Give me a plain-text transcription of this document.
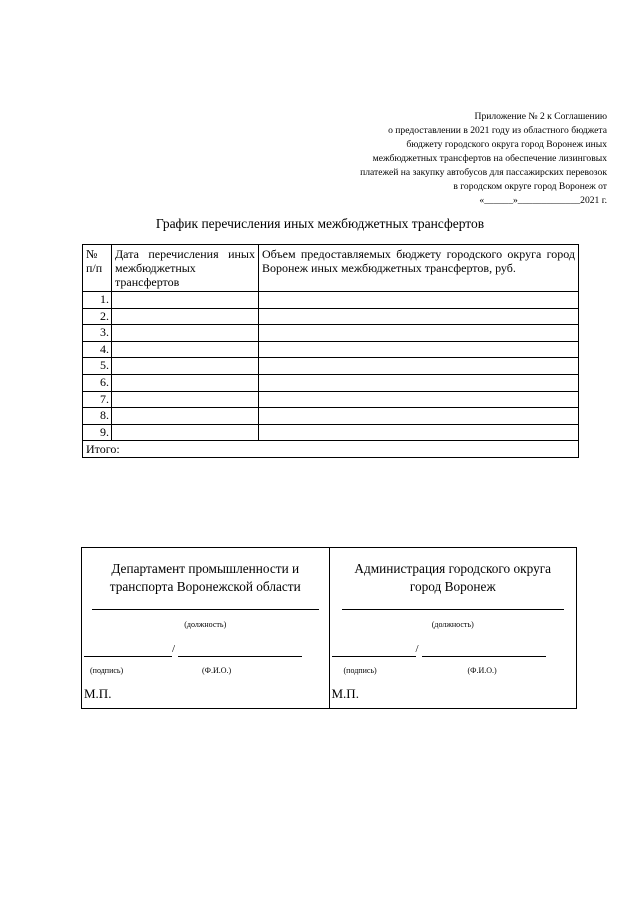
Приложение № 2 к Соглашению
о предоставлении в 2021 году из областного бюджета
бюджету городского округа город Воронеж иных
межбюджетных трансфертов на обеспечение лизинговых
платежей на закупку автобусов для пассажирских перевозок
в городском округе город Воронеж от
«______»_____________2021 г.
График перечисления иных межбюджетных трансфертов
№ п/п	Дата перечисления иных межбюджетных трансфертов	Объем предоставляемых бюджету городского округа город Воронеж иных межбюджетных трансфертов, руб.
1.		
2.		
3.		
4.		
5.		
6.		
7.		
8.		
9.		
Итого:		
Департамент промышленности и транспорта Воронежской области
(должность)
/
(подпись)	(Ф.И.О.)
М.П.

Администрация городского округа город Воронеж
(должность)
/
(подпись)	(Ф.И.О.)
М.П.
